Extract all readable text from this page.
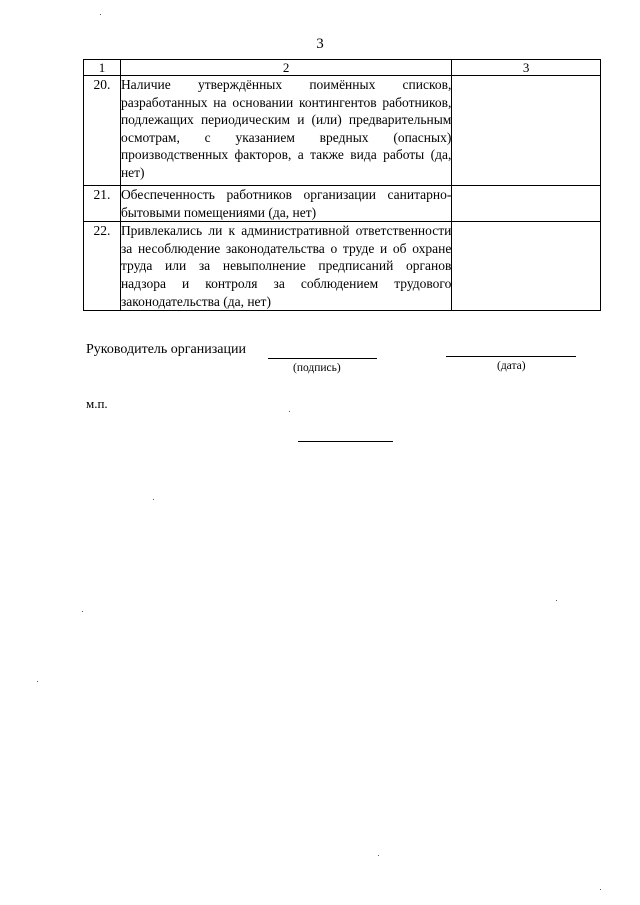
3
1	2	3
20.	Наличие утверждённых поимённых списков, разработанных на основании контингентов работников, подлежащих периодическим и (или) предварительным осмотрам, с указанием вредных (опасных) производственных факторов, а также вида работы (да, нет)	
21.	Обеспеченность работников организации санитарно-бытовыми помещениями (да, нет)	
22.	Привлекались ли к административной ответственности за несоблюдение законодательства о труде и об охране труда или за невыполнение предписаний органов надзора и контроля за соблюдением трудового законодательства (да, нет)	
Руководитель организации
(подпись)	(дата)
м.п.
